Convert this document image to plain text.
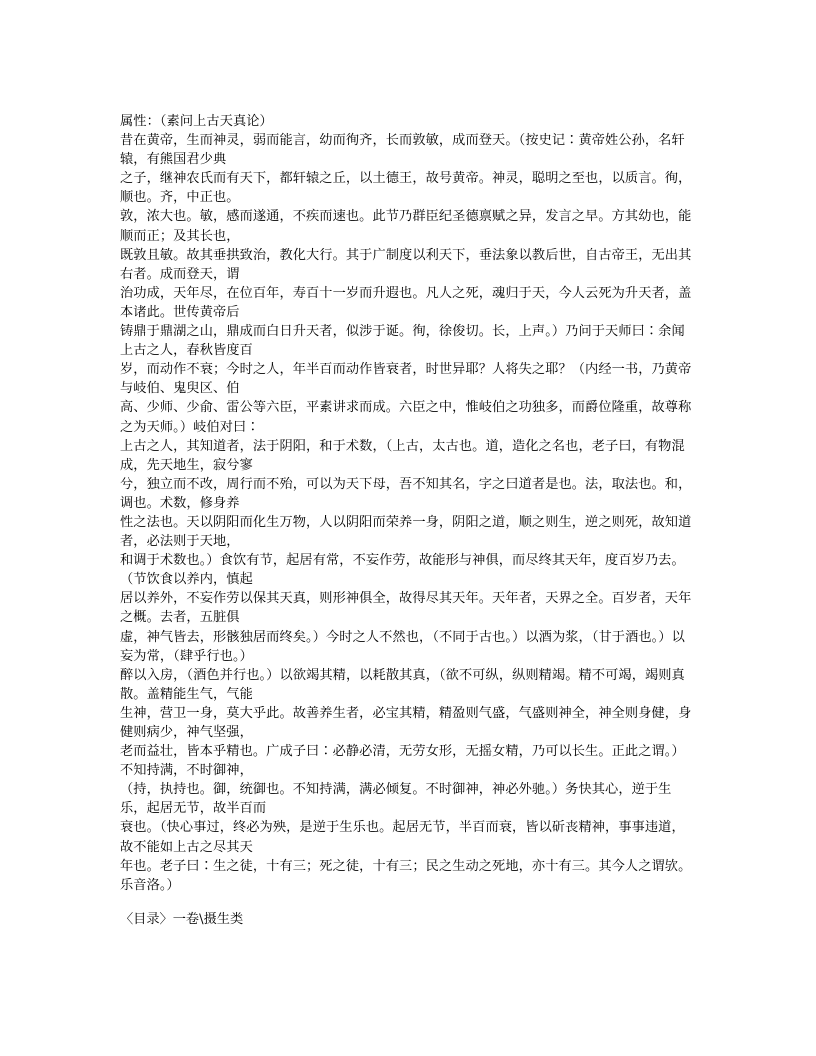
属性：（素问上古天真论）

昔在黄帝，生而神灵，弱而能言，幼而徇齐，长而敦敏，成而登天。（按史记∶黄帝姓公孙，名轩辕，有熊国君少典

之子，继神农氏而有天下，都轩辕之丘，以土德王，故号黄帝。神灵，聪明之至也，以质言。徇，顺也。齐，中正也。

敦，浓大也。敏，感而遂通，不疾而速也。此节乃群臣纪圣德禀赋之异，发言之早。方其幼也，能顺而正；及其长也，

既敦且敏。故其垂拱致治，教化大行。其于广制度以利天下，垂法象以教后世，自古帝王，无出其右者。成而登天，谓

治功成，天年尽，在位百年，寿百十一岁而升遐也。凡人之死，魂归于天，今人云死为升天者，盖本诸此。世传黄帝后

铸鼎于鼎湖之山，鼎成而白日升天者，似涉于诞。徇，徐俊切。长，上声。）乃问于天师曰∶余闻上古之人，春秋皆度百

岁，而动作不衰；今时之人，年半百而动作皆衰者，时世异耶？人将失之耶？（内经一书，乃黄帝与岐伯、鬼臾区、伯

高、少师、少俞、雷公等六臣，平素讲求而成。六臣之中，惟岐伯之功独多，而爵位隆重，故尊称之为天师。）岐伯对曰∶

上古之人，其知道者，法于阴阳，和于术数，（上古，太古也。道，造化之名也，老子曰，有物混成，先天地生，寂兮寥

兮，独立而不改，周行而不殆，可以为天下母，吾不知其名，字之曰道者是也。法，取法也。和，调也。术数，修身养

性之法也。天以阴阳而化生万物，人以阴阳而荣养一身，阴阳之道，顺之则生，逆之则死，故知道者，必法则于天地，

和调于术数也。）食饮有节，起居有常，不妄作劳，故能形与神俱，而尽终其天年，度百岁乃去。（节饮食以养内，慎起

居以养外，不妄作劳以保其天真，则形神俱全，故得尽其天年。天年者，天界之全。百岁者，天年之概。去者，五脏俱

虚，神气皆去，形骸独居而终矣。）今时之人不然也，（不同于古也。）以酒为浆，（甘于酒也。）以妄为常，（肆乎行也。）

醉以入房，（酒色并行也。）以欲竭其精，以耗散其真，（欲不可纵，纵则精竭。精不可竭，竭则真散。盖精能生气，气能

生神，营卫一身，莫大乎此。故善养生者，必宝其精，精盈则气盛，气盛则神全，神全则身健，身健则病少，神气坚强，

老而益壮，皆本乎精也。广成子曰∶必静必清，无劳女形，无摇女精，乃可以长生。正此之谓。）不知持满，不时御神，

（持，执持也。御，统御也。不知持满，满必倾复。不时御神，神必外驰。）务快其心，逆于生乐，起居无节，故半百而

衰也。（快心事过，终必为殃，是逆于生乐也。起居无节，半百而衰，皆以斫丧精神，事事违道，故不能如上古之尽其天

年也。老子曰∶生之徒，十有三；死之徒，十有三；民之生动之死地，亦十有三。其今人之谓欤。乐音洛。）

〈目录〉一卷\摄生类
